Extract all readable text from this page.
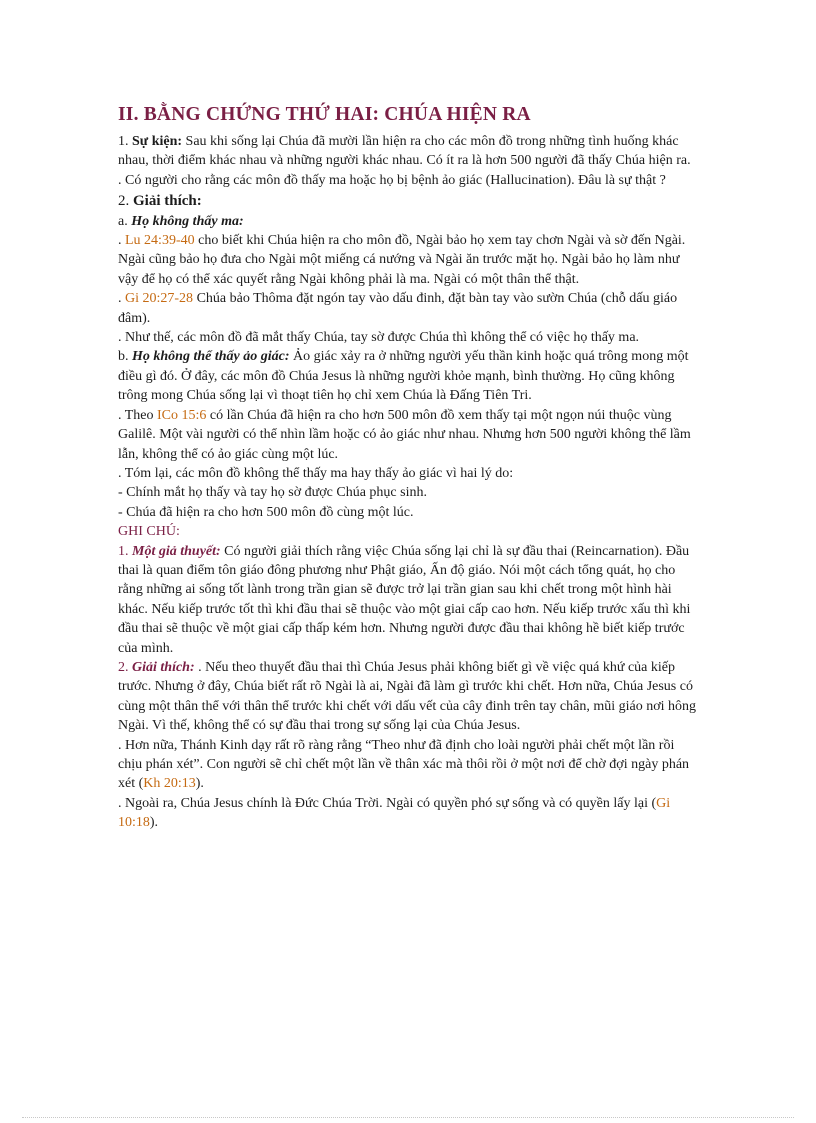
II. BẰNG CHỨNG THỨ HAI: CHÚA HIỆN RA

1. Sự kiện: Sau khi sống lại Chúa đã mười lần hiện ra cho các môn đồ trong những tình huống khác nhau, thời điểm khác nhau và những người khác nhau. Có ít ra là hơn 500 người đã thấy Chúa hiện ra.

. Có người cho rằng các môn đồ thấy ma hoặc họ bị bệnh ảo giác (Hallucination). Đâu là sự thật ?

2. Giải thích:

a. Họ không thấy ma:

. Lu 24:39-40 cho biết khi Chúa hiện ra cho môn đồ, Ngài bảo họ xem tay chơn Ngài và sờ đến Ngài. Ngài cũng bảo họ đưa cho Ngài một miếng cá nướng và Ngài ăn trước mặt họ. Ngài bảo họ làm như vậy để họ có thể xác quyết rằng Ngài không phải là ma. Ngài có một thân thể thật.

. Gi 20:27-28 Chúa bảo Thôma đặt ngón tay vào dấu đinh, đặt bàn tay vào sườn Chúa (chỗ dấu giáo đâm).

. Như thế, các môn đồ đã mắt thấy Chúa, tay sờ được Chúa thì không thể có việc họ thấy ma.

b. Họ không thể thấy ảo giác: Ảo giác xảy ra ở những người yếu thần kinh hoặc quá trông mong một điều gì đó. Ở đây, các môn đồ Chúa Jesus là những người khỏe mạnh, bình thường. Họ cũng không trông mong Chúa sống lại vì thoạt tiên họ chỉ xem Chúa là Đấng Tiên Tri.

. Theo ICo 15:6 có lần Chúa đã hiện ra cho hơn 500 môn đồ xem thấy tại một ngọn núi thuộc vùng Galilê. Một vài người có thể nhìn lầm hoặc có ảo giác như nhau. Nhưng hơn 500 người không thể lầm lẫn, không thể có ảo giác cùng một lúc.

. Tóm lại, các môn đồ không thể thấy ma hay thấy ảo giác vì hai lý do:

- Chính mắt họ thấy và tay họ sờ được Chúa phục sinh.

- Chúa đã hiện ra cho hơn 500 môn đồ cùng một lúc.

GHI CHÚ:

1. Một giả thuyết: Có người giải thích rằng việc Chúa sống lại chỉ là sự đầu thai (Reincarnation). Đầu thai là quan điểm tôn giáo đông phương như Phật giáo, Ấn độ giáo. Nói một cách tổng quát, họ cho rằng những ai sống tốt lành trong trần gian sẽ được trở lại trần gian sau khi chết trong một hình hài khác. Nếu kiếp trước tốt thì khi đầu thai sẽ thuộc vào một giai cấp cao hơn. Nếu kiếp trước xấu thì khi đầu thai sẽ thuộc về một giai cấp thấp kém hơn. Nhưng người được đầu thai không hề biết kiếp trước của mình.

2. Giải thích: . Nếu theo thuyết đầu thai thì Chúa Jesus phải không biết gì về việc quá khứ của kiếp trước. Nhưng ở đây, Chúa biết rất rõ Ngài là ai, Ngài đã làm gì trước khi chết. Hơn nữa, Chúa Jesus có cùng một thân thể với thân thể trước khi chết với dấu vết của cây đinh trên tay chân, mũi giáo nơi hông Ngài. Vì thế, không thể có sự đầu thai trong sự sống lại của Chúa Jesus.

. Hơn nữa, Thánh Kinh dạy rất rõ ràng rằng “Theo như đã định cho loài người phải chết một lần rồi chịu phán xét”. Con người sẽ chỉ chết một lần về thân xác mà thôi rồi ở một nơi để chờ đợi ngày phán xét (Kh 20:13).

. Ngoài ra, Chúa Jesus chính là Đức Chúa Trời. Ngài có quyền phó sự sống và có quyền lấy lại (Gi 10:18).
